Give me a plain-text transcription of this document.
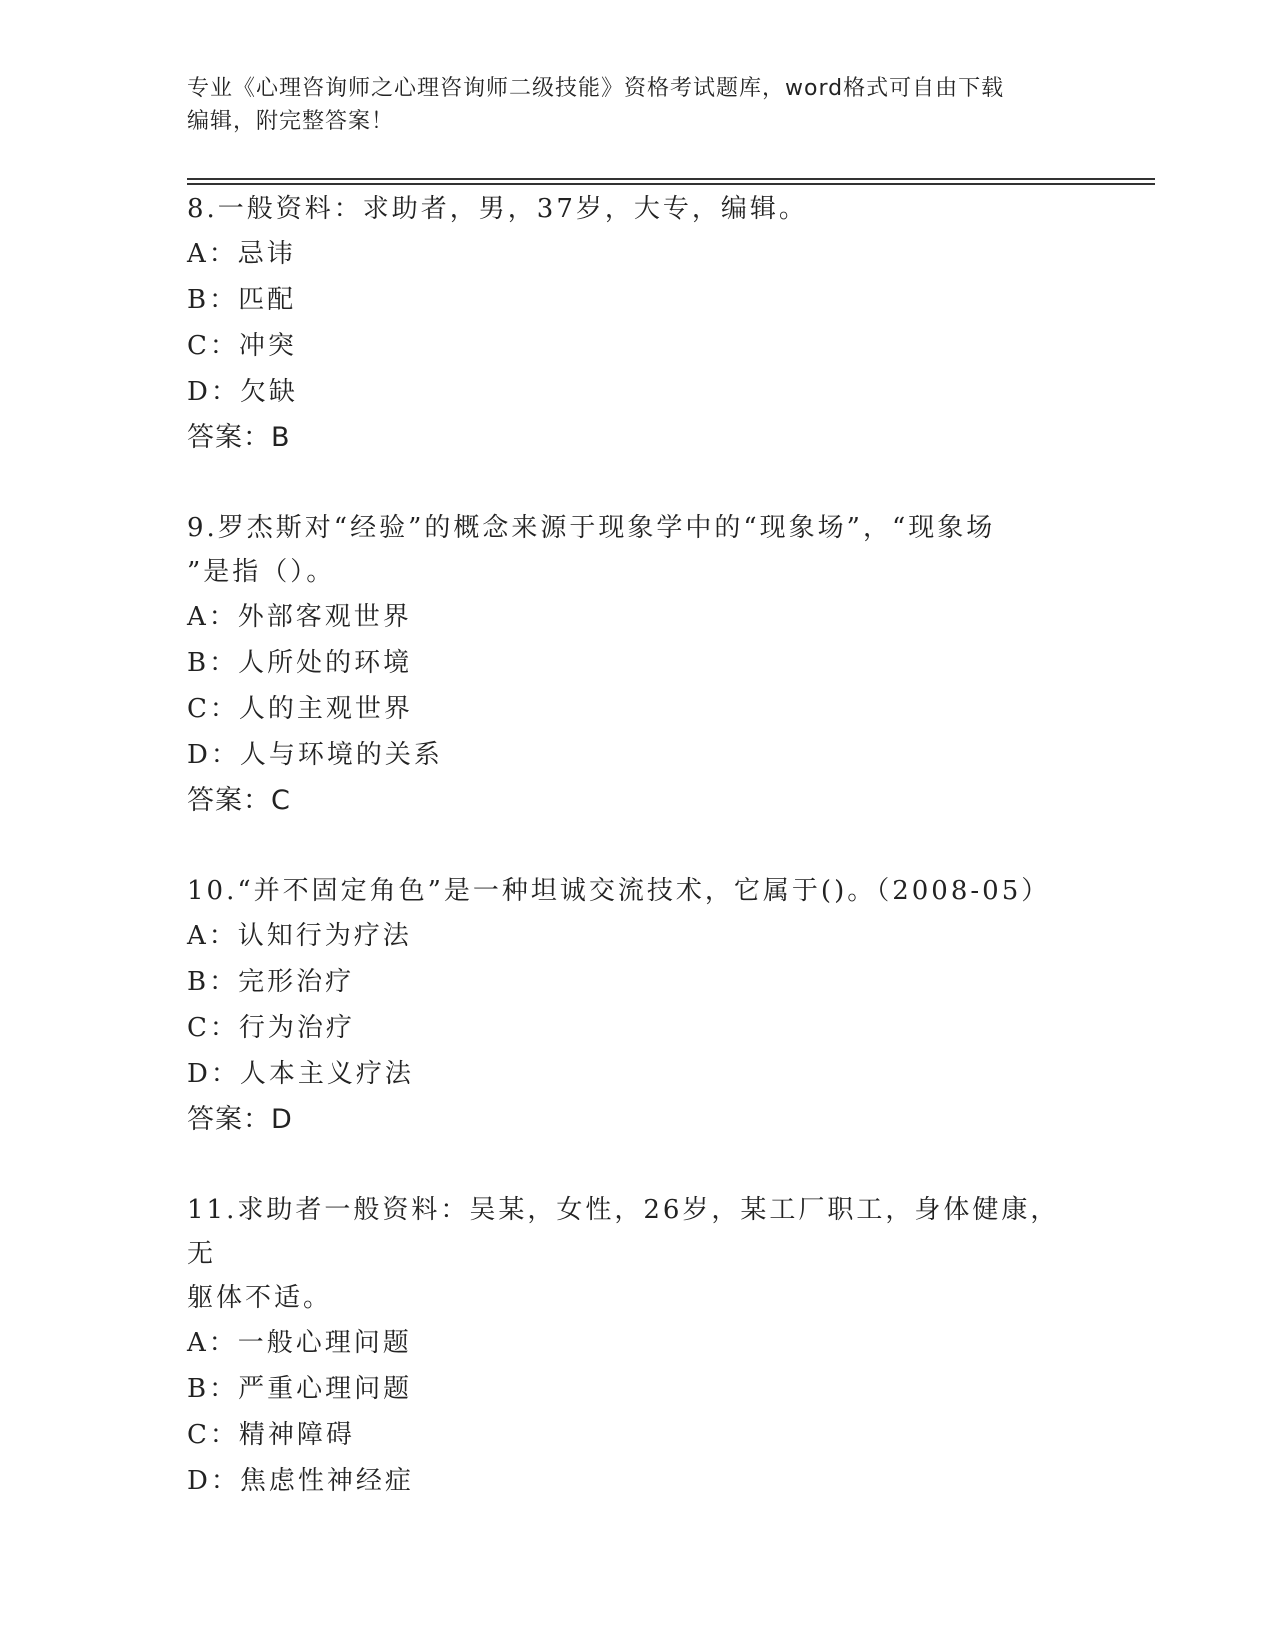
专业《心理咨询师之心理咨询师二级技能》资格考试题库，word格式可自由下载
编辑，附完整答案！

8.一般资料：求助者，男，37岁，大专，编辑。

A：忌讳

B：匹配

C：冲突

D：欠缺

答案：B

9.罗杰斯对“经验”的概念来源于现象学中的“现象场”，“现象场

”是指（）。

A：外部客观世界

B：人所处的环境

C：人的主观世界

D：人与环境的关系

答案：C

10.“并不固定角色”是一种坦诚交流技术，它属于()。（2008-05）

A：认知行为疗法

B：完形治疗

C：行为治疗

D：人本主义疗法

答案：D

11.求助者一般资料：吴某，女性，26岁，某工厂职工，身体健康，无

躯体不适。

A：一般心理问题

B：严重心理问题

C：精神障碍

D：焦虑性神经症
